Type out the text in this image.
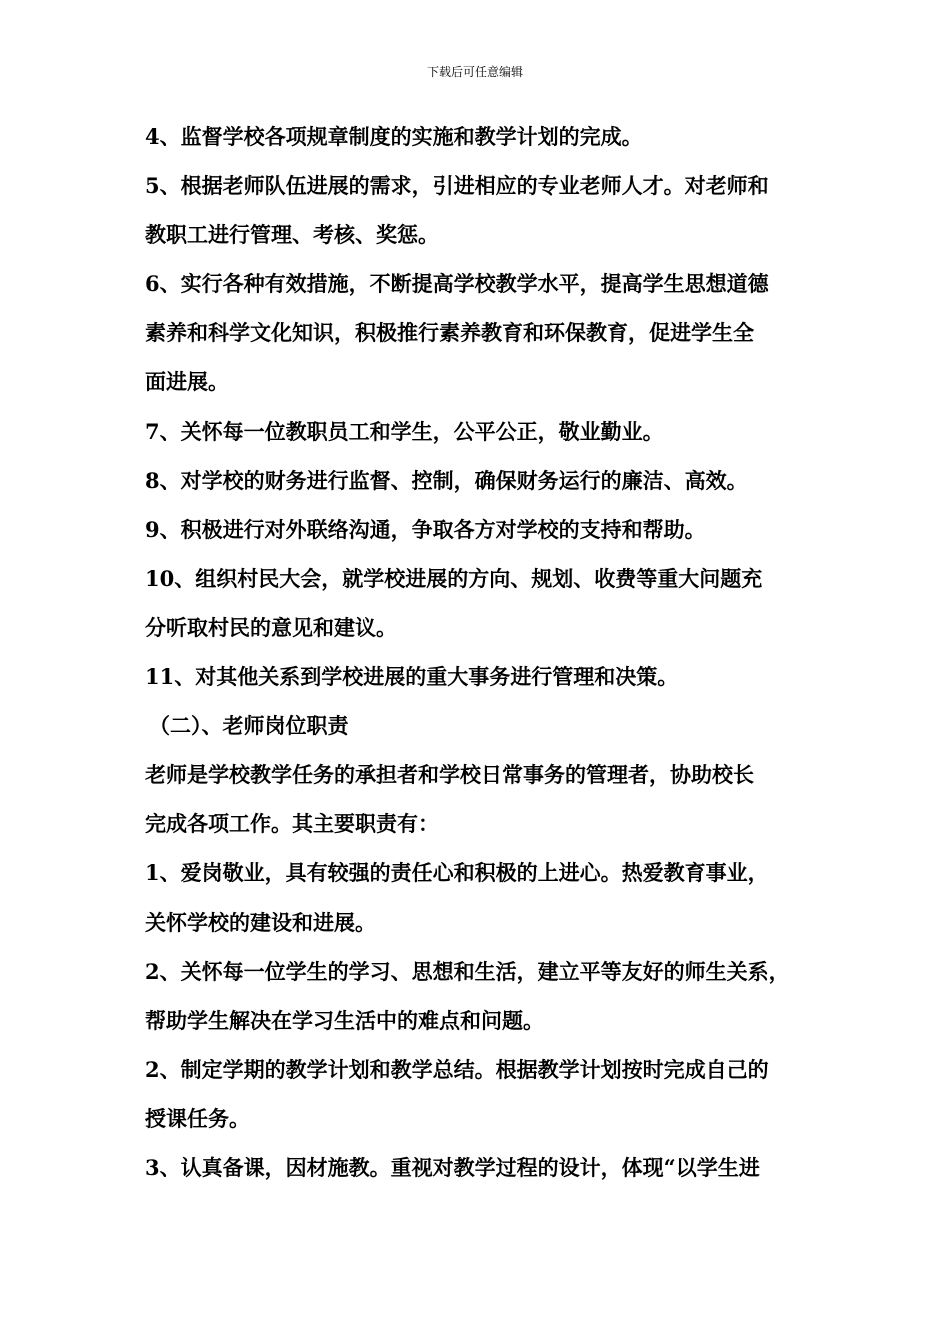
下载后可任意编辑
4、监督学校各项规章制度的实施和教学计划的完成。
5、根据老师队伍进展的需求，引进相应的专业老师人才。对老师和
教职工进行管理、考核、奖惩。
6、实行各种有效措施，不断提高学校教学水平，提高学生思想道德
素养和科学文化知识，积极推行素养教育和环保教育，促进学生全
面进展。
7、关怀每一位教职员工和学生，公平公正，敬业勤业。
8、对学校的财务进行监督、控制，确保财务运行的廉洁、高效。
9、积极进行对外联络沟通，争取各方对学校的支持和帮助。
10、组织村民大会，就学校进展的方向、规划、收费等重大问题充
分听取村民的意见和建议。
11、对其他关系到学校进展的重大事务进行管理和决策。
（二）、老师岗位职责
老师是学校教学任务的承担者和学校日常事务的管理者，协助校长
完成各项工作。其主要职责有：
1、爱岗敬业，具有较强的责任心和积极的上进心。热爱教育事业，
关怀学校的建设和进展。
2、关怀每一位学生的学习、思想和生活，建立平等友好的师生关系，
帮助学生解决在学习生活中的难点和问题。
2、制定学期的教学计划和教学总结。根据教学计划按时完成自己的
授课任务。
3、认真备课，因材施教。重视对教学过程的设计，体现“以学生进
